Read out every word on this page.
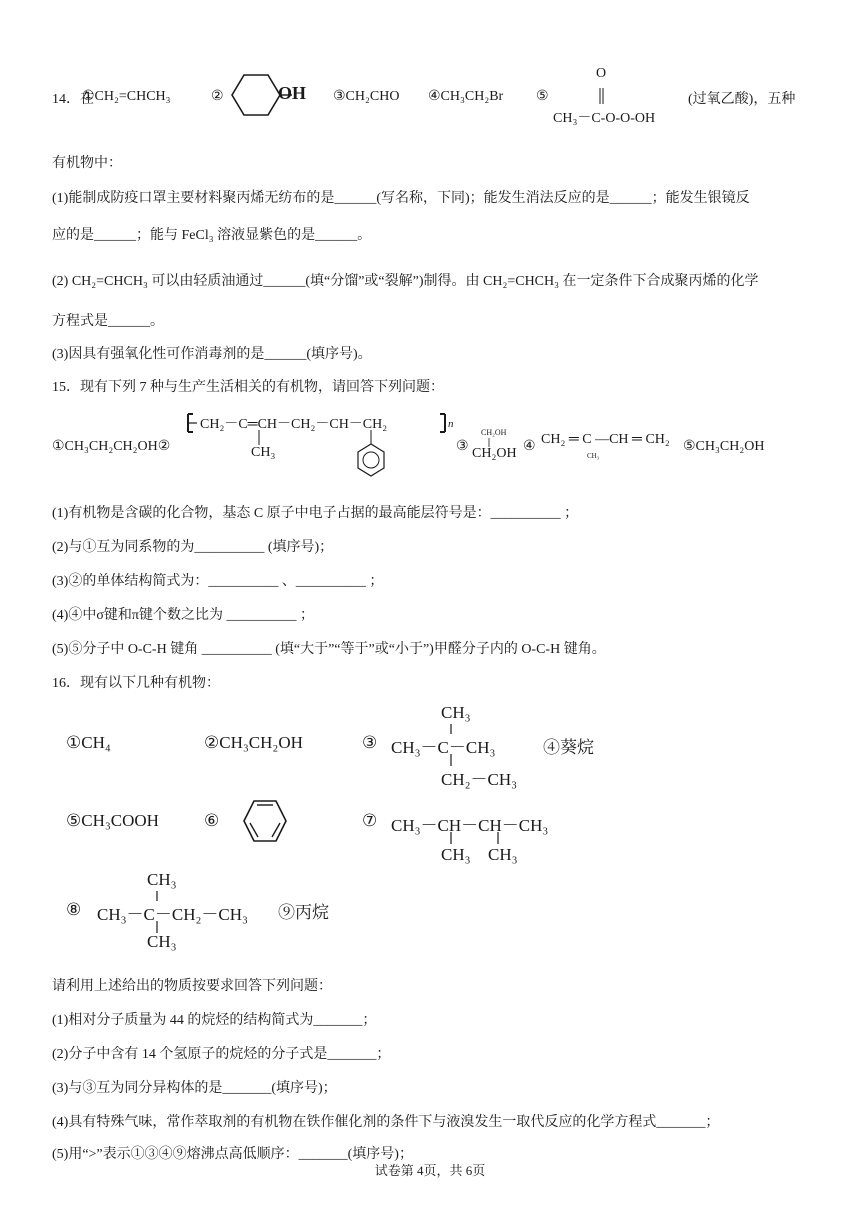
14．在
①CH₂=CHCH₃	②	OH ③CH₂CHO ④CH₃CH₂Br ⑤
O
CH₃－C-O-O-OH
(过氧乙酸)，五种
有机物中：
(1)能制成防疫口罩主要材料聚丙烯无纺布的是______(写名称，下同)；能发生消法反应的是______；能发生银镜反
应的是______；能与 FeCl₃ 溶液显紫色的是______。
(2) CH₂=CHCH₃ 可以由轻质油通过______(填“分馏”或“裂解”)制得。由 CH₂=CHCH₃ 在一定条件下合成聚丙烯的化学
方程式是______。
(3)因具有强氧化性可作消毒剂的是______(填序号)。
15．现有下列 7 种与生产生活相关的有机物，请回答下列问题：
①CH₃CH₂CH₂OH②
CH₂－C═CH－CH₂－CH－CH₂
CH₃
n
③
CH₂OH
CH₂OH ④ CH₂ ═ C —CH ═ CH₂
CH₃
⑤CH₃CH₂OH
(1)有机物是含碳的化合物，基态 C 原子中电子占据的最高能层符号是：__________ ；
(2)与①互为同系物的为__________ (填序号)；
(3)②的单体结构简式为：__________ 、__________ ；
(4)④中σ键和π键个数之比为 __________ ；
(5)⑤分子中 O-C-H 键角 __________ (填“大于”“等于”或“小于”)甲醛分子内的 O-C-H 键角。
16．现有以下几种有机物：
①CH₄	②CH₃CH₂OH	③
CH₃
CH₃－C－CH₃
CH₂－CH₃
④葵烷
⑤CH₃COOH	⑥	⑦ CH₃－CH－CH－CH₃
CH₃ CH₃
⑧
CH₃
CH₃－C－CH₂－CH₃
CH₃
⑨丙烷
请利用上述给出的物质按要求回答下列问题：
(1)相对分子质量为 44 的烷烃的结构简式为_______；
(2)分子中含有 14 个氢原子的烷烃的分子式是_______；
(3)与③互为同分异构体的是_______(填序号)；
(4)具有特殊气味，常作萃取剂的有机物在铁作催化剂的条件下与液溴发生一取代反应的化学方程式_______；
(5)用“>”表示①③④⑨熔沸点高低顺序：_______(填序号)；
试卷第 4页，共 6页
